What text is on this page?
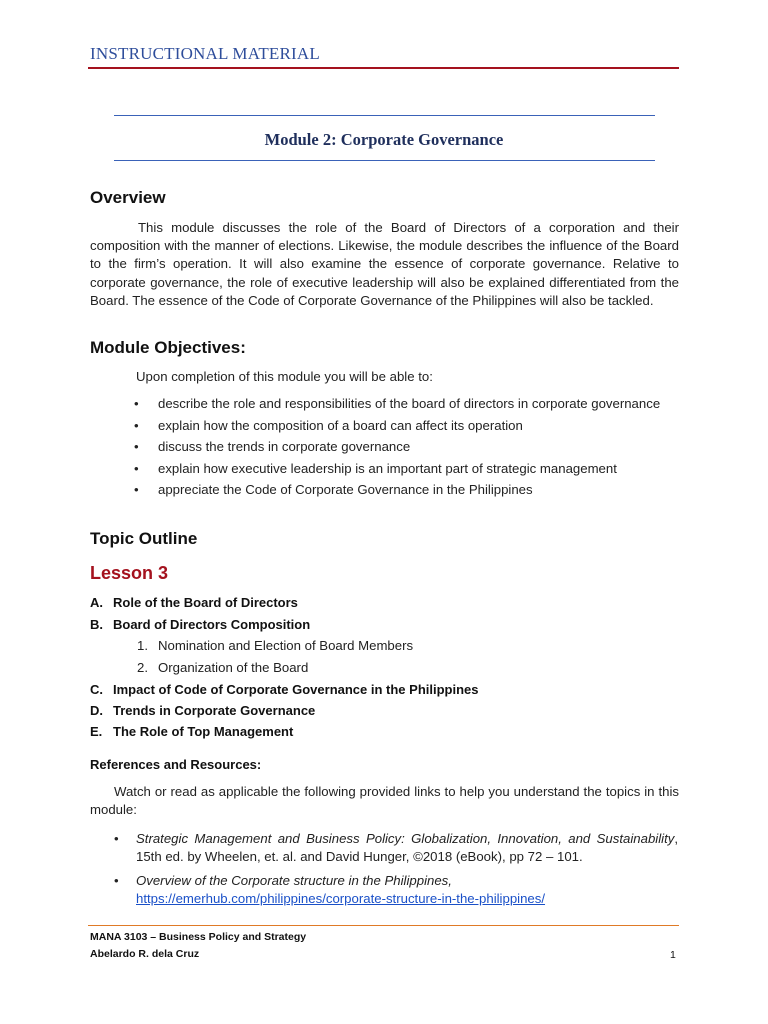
INSTRUCTIONAL MATERIAL
Module 2: Corporate Governance
Overview

This module discusses the role of the Board of Directors of a corporation and their composition with the manner of elections. Likewise, the module describes the influence of the Board to the firm’s operation. It will also examine the essence of corporate governance. Relative to corporate governance, the role of executive leadership will also be explained differentiated from the Board. The essence of the Code of Corporate Governance of the Philippines will also be tackled.

Module Objectives:
Upon completion of this module you will be able to:
• describe the role and responsibilities of the board of directors in corporate governance
• explain how the composition of a board can affect its operation
• discuss the trends in corporate governance
• explain how executive leadership is an important part of strategic management
• appreciate the Code of Corporate Governance in the Philippines
Topic Outline
Lesson 3
A. Role of the Board of Directors
B. Board of Directors Composition
1. Nomination and Election of Board Members
2. Organization of the Board
C. Impact of Code of Corporate Governance in the Philippines
D. Trends in Corporate Governance
E. The Role of Top Management
References and Resources:

Watch or read as applicable the following provided links to help you understand the topics in this module:

• Strategic Management and Business Policy: Globalization, Innovation, and Sustainability, 15th ed. by Wheelen, et. al. and David Hunger, ©2018 (eBook), pp 72 – 101.
• Overview of the Corporate structure in the Philippines,
https://emerhub.com/philippines/corporate-structure-in-the-philippines/
MANA 3103 – Business Policy and Strategy
Abelardo R. dela Cruz	1
